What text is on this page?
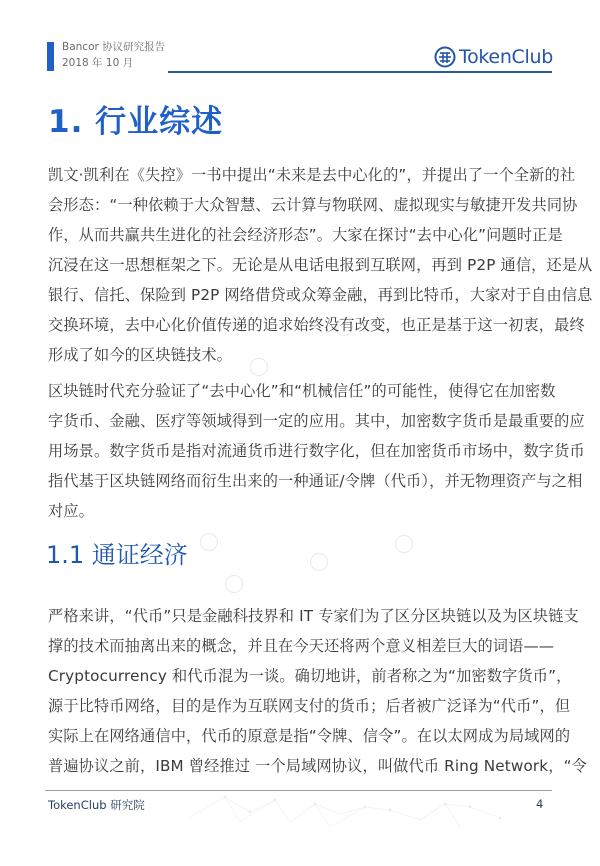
Bancor 协议研究报告
2018 年 10 月	TokenClub
1. 行业综述
凯文·凯利在《失控》一书中提出“未来是去中心化的”，并提出了一个全新的社
会形态：“一种依赖于大众智慧、云计算与物联网、虚拟现实与敏捷开发共同协
作，从而共赢共生进化的社会经济形态”。大家在探讨“去中心化”问题时正是
沉浸在这一思想框架之下。无论是从电话电报到互联网，再到 P2P 通信，还是从
银行、信托、保险到 P2P 网络借贷或众筹金融，再到比特币，大家对于自由信息
交换环境，去中心化价值传递的追求始终没有改变，也正是基于这一初衷，最终
形成了如今的区块链技术。
区块链时代充分验证了“去中心化”和“机械信任”的可能性，使得它在加密数
字货币、金融、医疗等领域得到一定的应用。其中，加密数字货币是最重要的应
用场景。数字货币是指对流通货币进行数字化，但在加密货币市场中，数字货币
指代基于区块链网络而衍生出来的一种通证/令牌（代币），并无物理资产与之相
对应。
1.1 通证经济
严格来讲，“代币”只是金融科技界和 IT 专家们为了区分区块链以及为区块链支
撑的技术而抽离出来的概念，并且在今天还将两个意义相差巨大的词语——
Cryptocurrency 和代币混为一谈。确切地讲，前者称之为“加密数字货币”，
源于比特币网络，目的是作为互联网支付的货币；后者被广泛译为“代币”，但
实际上在网络通信中，代币的原意是指“令牌、信令”。在以太网成为局域网的
普遍协议之前，IBM 曾经推过 一个局域网协议，叫做代币 Ring Network，“令
TokenClub 研究院	4
